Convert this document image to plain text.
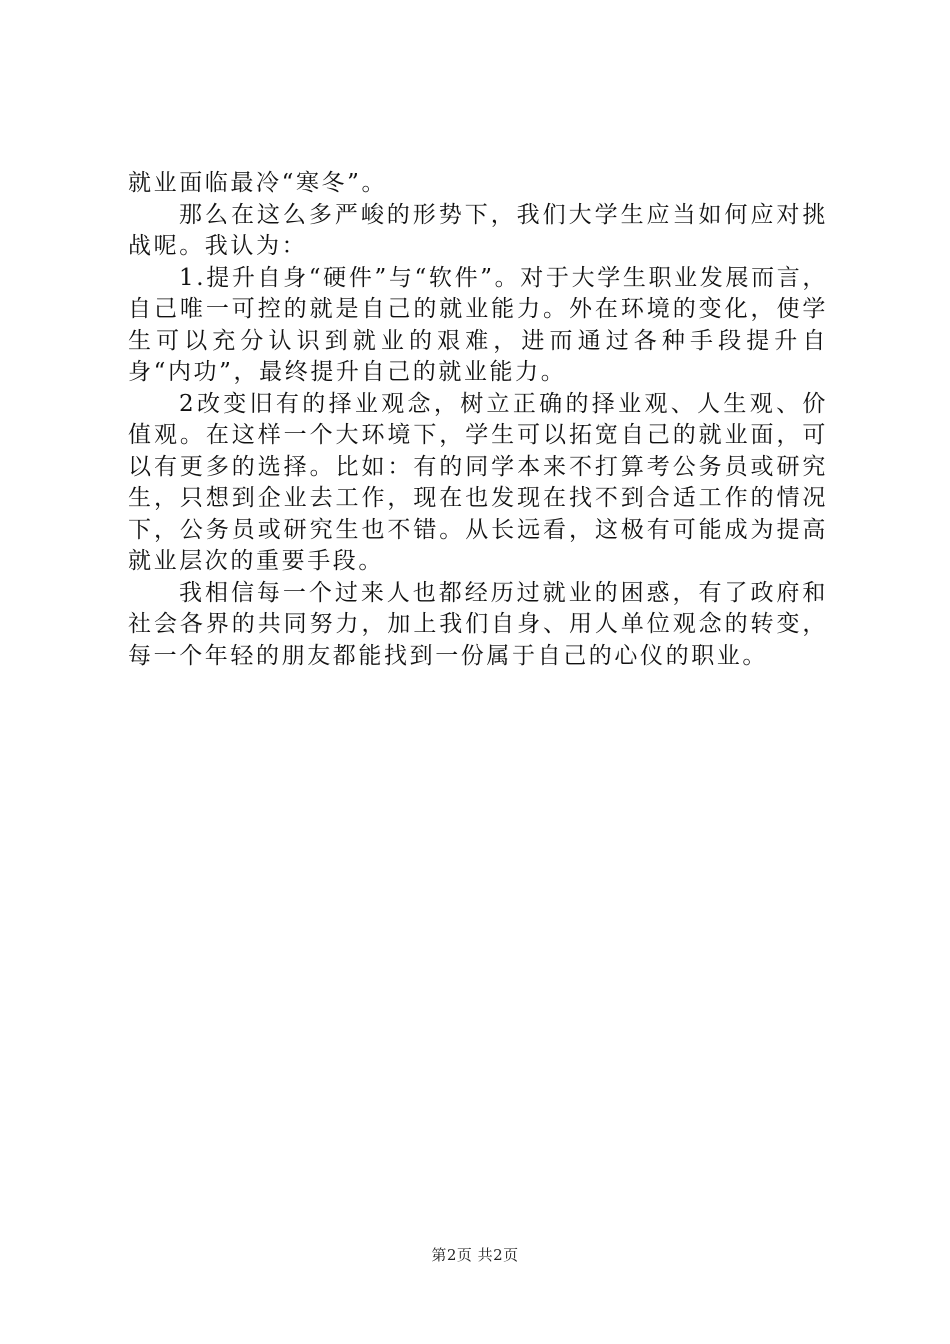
就业面临最冷“寒冬”。

那么在这么多严峻的形势下，我们大学生应当如何应对挑战呢。我认为：

1.提升自身“硬件”与“软件”。对于大学生职业发展而言，自己唯一可控的就是自己的就业能力。外在环境的变化，使学生可以充分认识到就业的艰难，进而通过各种手段提升自身“内功”，最终提升自己的就业能力。

2改变旧有的择业观念，树立正确的择业观、人生观、价值观。在这样一个大环境下，学生可以拓宽自己的就业面，可以有更多的选择。比如：有的同学本来不打算考公务员或研究生，只想到企业去工作，现在也发现在找不到合适工作的情况下，公务员或研究生也不错。从长远看，这极有可能成为提高就业层次的重要手段。

我相信每一个过来人也都经历过就业的困惑，有了政府和社会各界的共同努力，加上我们自身、用人单位观念的转变，每一个年轻的朋友都能找到一份属于自己的心仪的职业。

第2页 共2页
